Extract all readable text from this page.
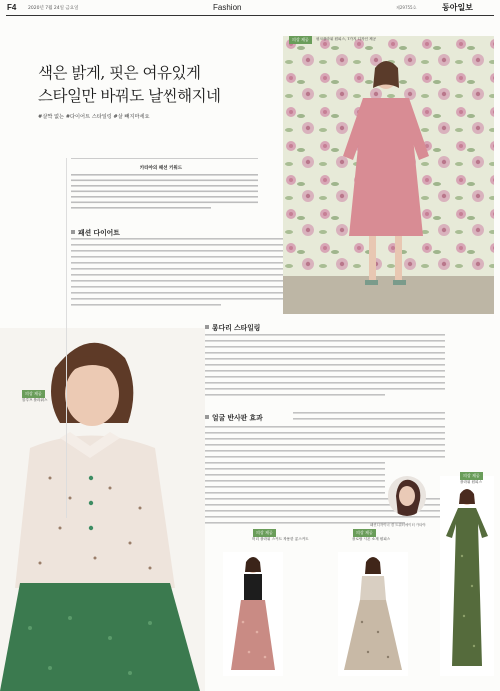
F4	2020년 7월 24일 금요일	Fashion	제29755호	동아일보
색은 밝게, 핏은 여유있게
스타일만 바꿔도 날씬해지네
#살짝 없는 #다이어트 스타일링 #살 빼지마세요
의상 제공	핑크플라워 원피스, 7가지 디자인 제공
카타야의 패션 키워드
패션 다이어트
롱다리 스타일링
얼굴 반사판 효과
의상 제공
블루프 플라워스
패션디자이너 겸 트위터에이터 카타야
의상 제공
플라워 원피스
의상 제공
머리 플라워 스커트 착용한 롱스커트
의상 제공
플로랄 시폰 소재 원피스
